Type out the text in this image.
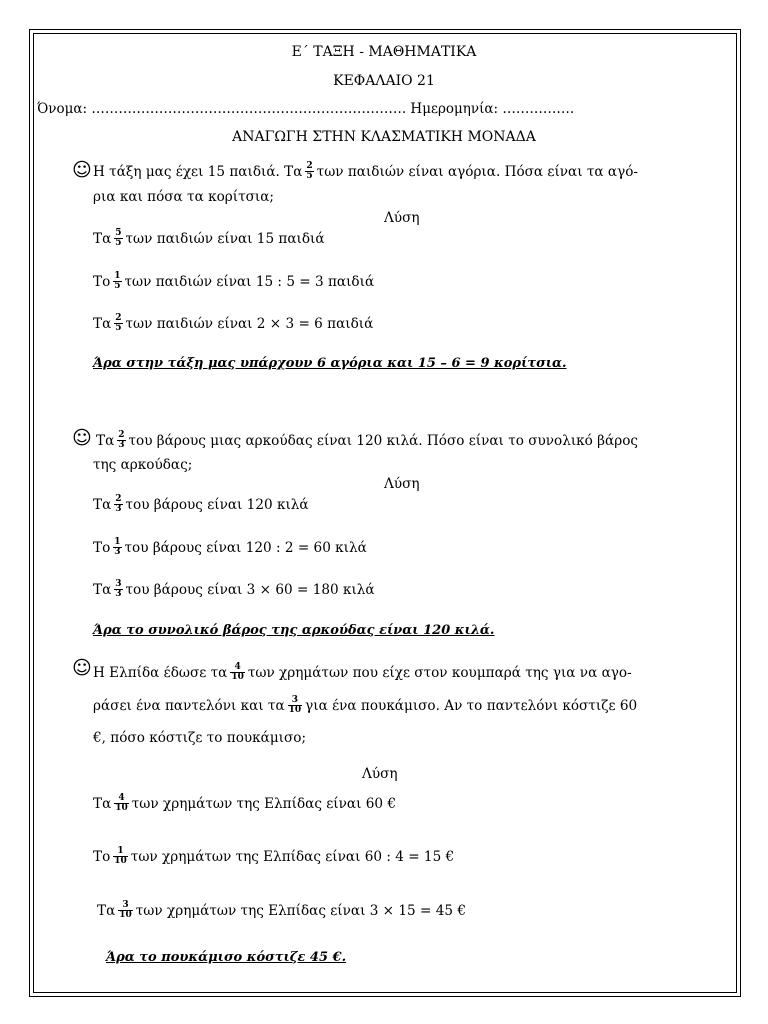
Ε΄ ΤΑΞΗ - ΜΑΘΗΜΑΤΙΚΑ
ΚΕΦΑΛΑΙΟ 21
Όνομα: ……………………………………………………………. Ημερομηνία: …………….
ΑΝΑΓΩΓΗ ΣΤΗΝ ΚΛΑΣΜΑΤΙΚΗ ΜΟΝΑΔΑ
☺ Η τάξη μας έχει 15 παιδιά. Τα $\frac{2}{5}$ των παιδιών είναι αγόρια. Πόσα είναι τα αγό-
ρια και πόσα τα κορίτσια;
Λύση
Τα $\frac{5}{5}$ των παιδιών είναι 15 παιδιά
Το $\frac{1}{5}$ των παιδιών είναι 15 : 5 = 3 παιδιά
Τα $\frac{2}{5}$ των παιδιών είναι 2 × 3 = 6 παιδιά
Άρα στην τάξη μας υπάρχουν 6 αγόρια και 15 – 6 = 9 κορίτσια.
☺ Τα $\frac{2}{3}$ του βάρους μιας αρκούδας είναι 120 κιλά. Πόσο είναι το συνολικό βάρος
της αρκούδας;
Λύση
Τα $\frac{2}{3}$ του βάρους είναι 120 κιλά
Το $\frac{1}{3}$ του βάρους είναι 120 : 2 = 60 κιλά
Τα $\frac{3}{3}$ του βάρους είναι 3 × 60 = 180 κιλά
Άρα το συνολικό βάρος της αρκούδας είναι 120 κιλά.
☺ Η Ελπίδα έδωσε τα $\frac{4}{10}$ των χρημάτων που είχε στον κουμπαρά της για να αγο-
ράσει ένα παντελόνι και τα $\frac{3}{10}$ για ένα πουκάμισο. Αν το παντελόνι κόστιζε 60
€, πόσο κόστιζε το πουκάμισο;
Λύση
Τα $\frac{4}{10}$ των χρημάτων της Ελπίδας είναι 60 €
Το $\frac{1}{10}$ των χρημάτων της Ελπίδας είναι 60 : 4 = 15 €
Τα $\frac{3}{10}$ των χρημάτων της Ελπίδας είναι 3 × 15 = 45 €
Άρα το πουκάμισο κόστιζε 45 €.
